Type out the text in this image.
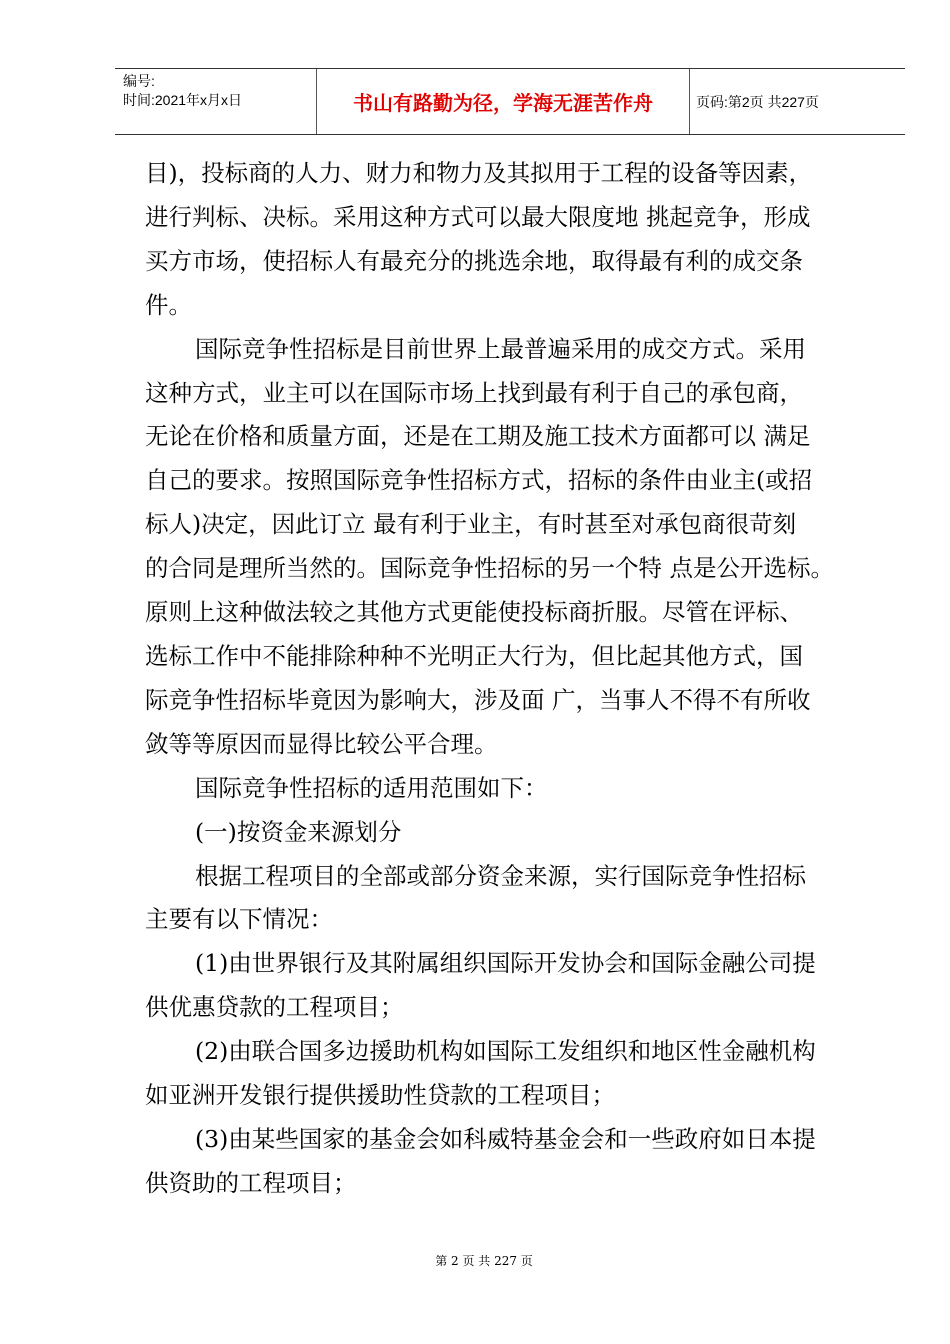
编号:
时间:2021年x月x日	书山有路勤为径，学海无涯苦作舟	页码:第2页 共227页

目)，投标商的人力、财力和物力及其拟用于工程的设备等因素，

进行判标、决标。采用这种方式可以最大限度地 挑起竞争，形成

买方市场，使招标人有最充分的挑选余地，取得最有利的成交条

件。

国际竞争性招标是目前世界上最普遍采用的成交方式。采用

这种方式，业主可以在国际市场上找到最有利于自己的承包商，

无论在价格和质量方面，还是在工期及施工技术方面都可以 满足

自己的要求。按照国际竞争性招标方式，招标的条件由业主(或招

标人)决定，因此订立 最有利于业主，有时甚至对承包商很苛刻

的合同是理所当然的。国际竞争性招标的另一个特 点是公开选标。

原则上这种做法较之其他方式更能使投标商折服。尽管在评标、

选标工作中不能排除种种不光明正大行为，但比起其他方式，国

际竞争性招标毕竟因为影响大，涉及面 广，当事人不得不有所收

敛等等原因而显得比较公平合理。

国际竞争性招标的适用范围如下：

(一)按资金来源划分

根据工程项目的全部或部分资金来源，实行国际竞争性招标

主要有以下情况：

(1)由世界银行及其附属组织国际开发协会和国际金融公司提

供优惠贷款的工程项目；

(2)由联合国多边援助机构如国际工发组织和地区性金融机构

如亚洲开发银行提供援助性贷款的工程项目；

(3)由某些国家的基金会如科威特基金会和一些政府如日本提

供资助的工程项目；

第 2 页 共 227 页
